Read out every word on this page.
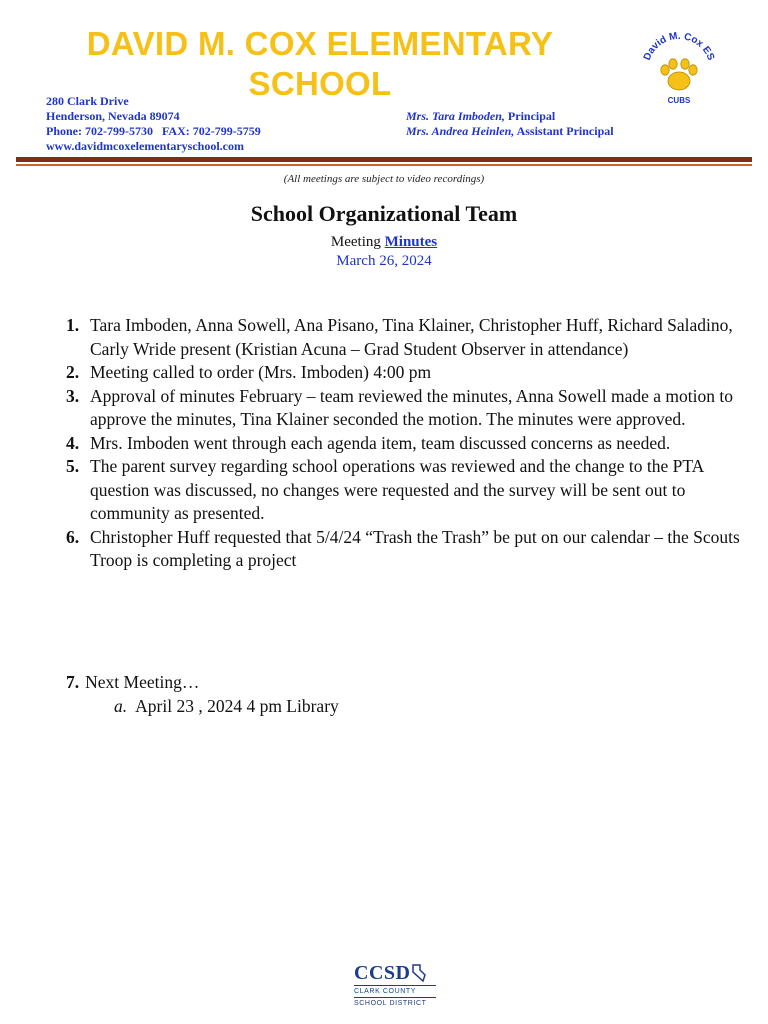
DAVID M. COX ELEMENTARY SCHOOL
David M. Cox ES
CUBS
280 Clark Drive
Henderson, Nevada 89074
Phone: 702-799-5730   FAX: 702-799-5759
www.davidmcoxelementaryschool.com
Mrs. Tara Imboden, Principal
Mrs. Andrea Heinlen, Assistant Principal
(All meetings are subject to video recordings)
School Organizational Team
Meeting Minutes
March 26, 2024
1. Tara Imboden, Anna Sowell, Ana Pisano, Tina Klainer, Christopher Huff, Richard Saladino, Carly Wride present (Kristian Acuna – Grad Student Observer in attendance)
2. Meeting called to order (Mrs. Imboden) 4:00 pm
3. Approval of minutes February – team reviewed the minutes, Anna Sowell made a motion to approve the minutes, Tina Klainer seconded the motion. The minutes were approved.
4. Mrs. Imboden went through each agenda item, team discussed concerns as needed.
5. The parent survey regarding school operations was reviewed and the change to the PTA question was discussed, no changes were requested and the survey will be sent out to community as presented.
6. Christopher Huff requested that 5/4/24 “Trash the Trash” be put on our calendar – the Scouts Troop is completing a project
7. Next Meeting…
a. April 23 , 2024 4 pm Library
CCSD
CLARK COUNTY
SCHOOL DISTRICT
